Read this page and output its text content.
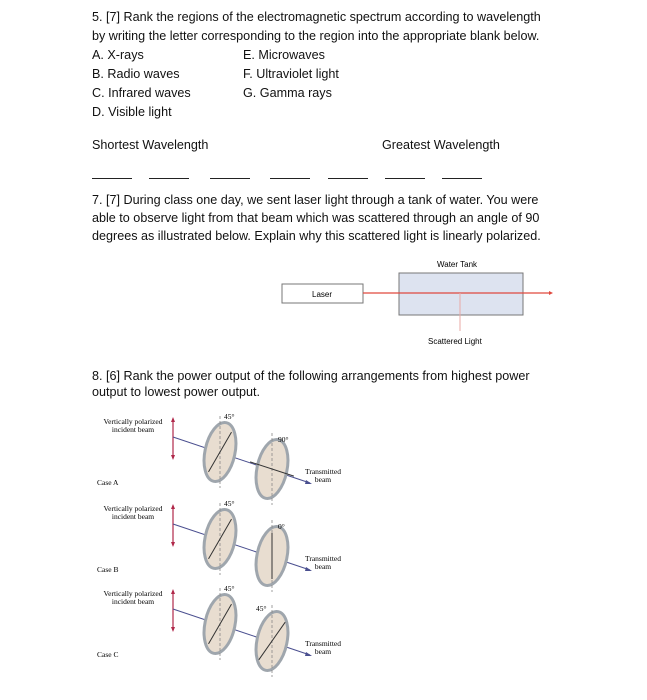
5. [7] Rank the regions of the electromagnetic spectrum according to wavelength
by writing the letter corresponding to the region into the appropriate blank below.
A. X-rays
B. Radio waves
C. Infrared waves
D. Visible light
E. Microwaves
F. Ultraviolet light
G. Gamma rays
Shortest Wavelength	Greatest Wavelength
7. [7] During class one day, we sent laser light through a tank of water. You were
able to observe light from that beam which was scattered through an angle of 90
degrees as illustrated below. Explain why this scattered light is linearly polarized.
8. [6] Rank the power output of the following arrangements from highest power
output to lowest power output.
Water Tank
Laser
Scattered Light
Vertically polarized
incident beam
Case A
45°
90°
Transmitted
beam
Vertically polarized
incident beam
Case B
45°
0°
Transmitted
beam
Vertically polarized
incident beam
Case C
45°
45°
Transmitted
beam
